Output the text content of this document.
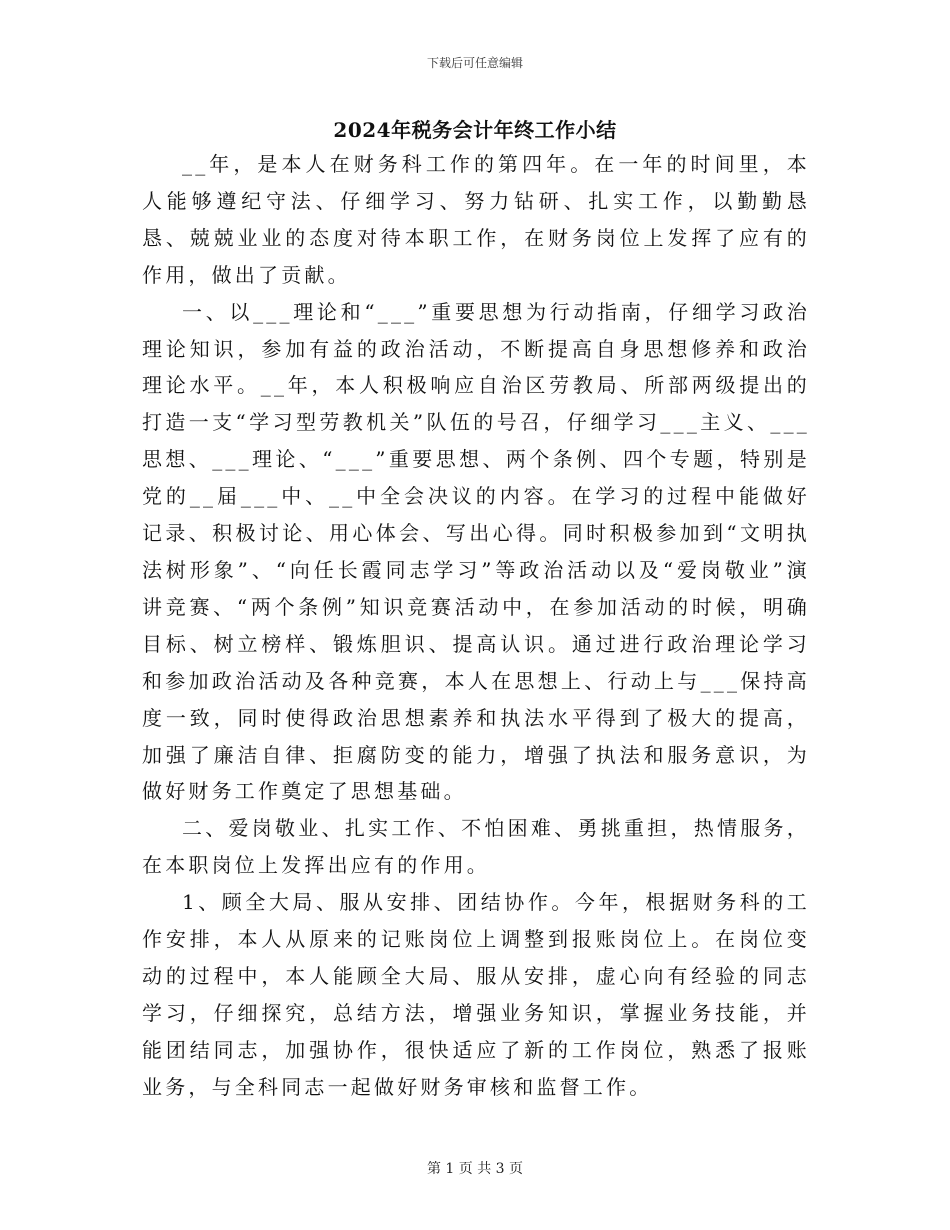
下载后可任意编辑
2024年税务会计年终工作小结

__年，是本人在财务科工作的第四年。在一年的时间里，本人能够遵纪守法、仔细学习、努力钻研、扎实工作，以勤勤恳恳、兢兢业业的态度对待本职工作，在财务岗位上发挥了应有的作用，做出了贡献。

一、以___理论和“___”重要思想为行动指南，仔细学习政治理论知识，参加有益的政治活动，不断提高自身思想修养和政治理论水平。__年，本人积极响应自治区劳教局、所部两级提出的打造一支“学习型劳教机关”队伍的号召，仔细学习___主义、___思想、___理论、“___”重要思想、两个条例、四个专题，特别是党的__届___中、__中全会决议的内容。在学习的过程中能做好记录、积极讨论、用心体会、写出心得。同时积极参加到“文明执法树形象”、“向任长霞同志学习”等政治活动以及“爱岗敬业”演讲竞赛、“两个条例”知识竞赛活动中，在参加活动的时候，明确目标、树立榜样、锻炼胆识、提高认识。通过进行政治理论学习和参加政治活动及各种竞赛，本人在思想上、行动上与___保持高度一致，同时使得政治思想素养和执法水平得到了极大的提高，加强了廉洁自律、拒腐防变的能力，增强了执法和服务意识，为做好财务工作奠定了思想基础。

二、爱岗敬业、扎实工作、不怕困难、勇挑重担，热情服务，在本职岗位上发挥出应有的作用。

1、顾全大局、服从安排、团结协作。今年，根据财务科的工作安排，本人从原来的记账岗位上调整到报账岗位上。在岗位变动的过程中，本人能顾全大局、服从安排，虚心向有经验的同志学习，仔细探究，总结方法，增强业务知识，掌握业务技能，并能团结同志，加强协作，很快适应了新的工作岗位，熟悉了报账业务，与全科同志一起做好财务审核和监督工作。

第 1 页 共 3 页
